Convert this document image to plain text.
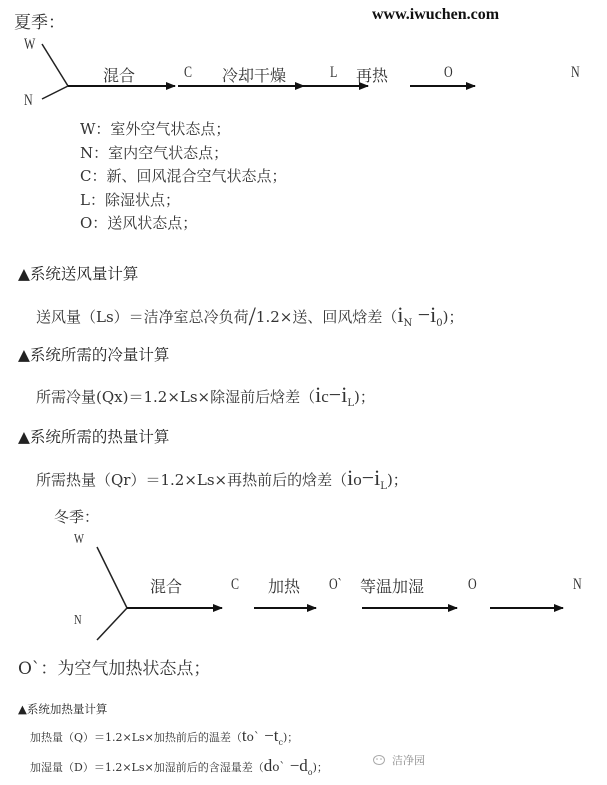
夏季：	www.iwuchen.com
W
N
混合	C 冷却干燥	L 再热	O	N
W：室外空气状态点；
N：室内空气状态点；
C：新、回风混合空气状态点；
L：除湿状点；
O：送风状态点；
▲系统送风量计算
送风量（Ls）＝洁净室总冷负荷/1.2×送、回风焓差$(i_N -i_0)$；
▲系统所需的冷量计算
所需冷量(Qx)＝1.2×Ls×除湿前后焓差$(ic-i_L)$；
▲系统所需的热量计算
所需热量（Qr）＝1.2×Ls×再热前后的焓差$(io-i_L)$；
冬季：
W
N
混合	C 加热 O` 等温加湿	O	N
O`：为空气加热状态点；
▲系统加热量计算
加热量（Q）＝1.2×Ls×加热前后的温差（to` $-t_c$)；
加湿量（D）＝1.2×Ls×加湿前后的含湿量差（do` $-d_o$)；
洁净园
